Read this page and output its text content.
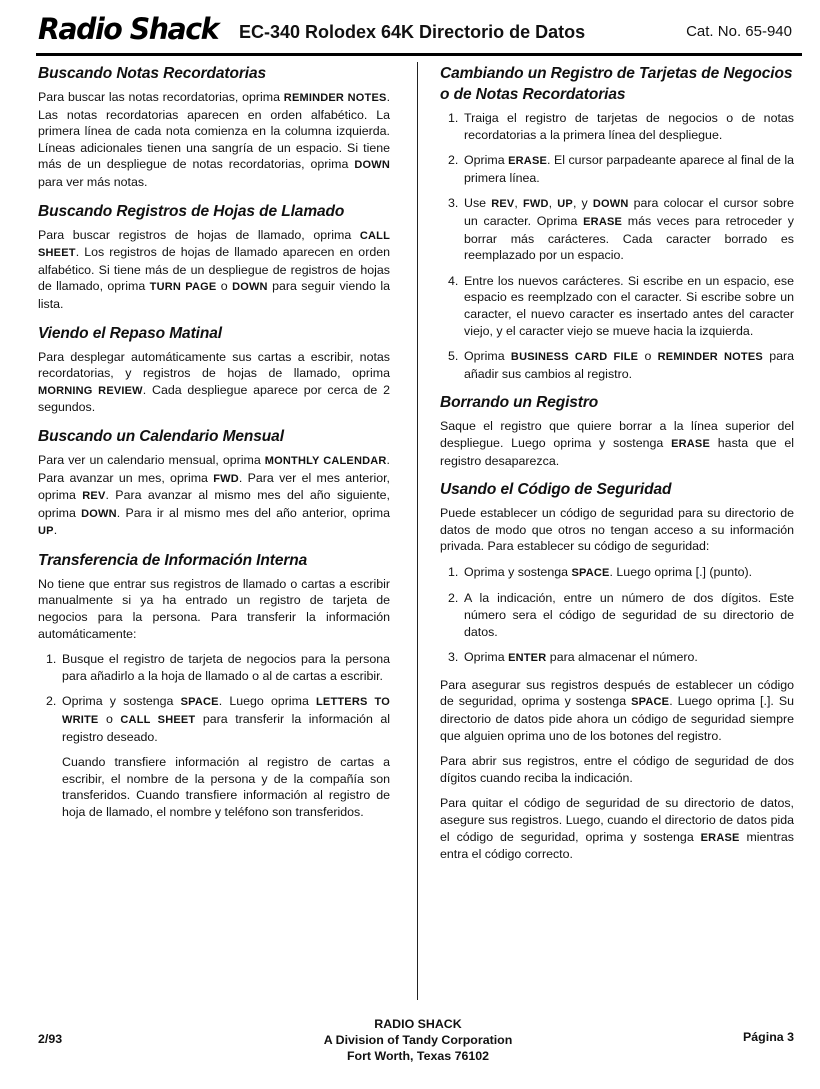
Radio Shack EC-340 Rolodex 64K Directorio de Datos	Cat. No. 65-940
Buscando Notas Recordatorias

Para buscar las notas recordatorias, oprima REMINDER NOTES. Las notas recordatorias aparecen en orden alfabético. La primera línea de cada nota comienza en la columna izquierda. Líneas adicionales tienen una sangría de un espacio. Si tiene más de un despliegue de notas recordatorias, oprima DOWN para ver más notas.

Buscando Registros de Hojas de Llamado

Para buscar registros de hojas de llamado, oprima CALL SHEET. Los registros de hojas de llamado aparecen en orden alfabético. Si tiene más de un despliegue de registros de hojas de llamado, oprima TURN PAGE o DOWN para seguir viendo la lista.

Viendo el Repaso Matinal

Para desplegar automáticamente sus cartas a escribir, notas recordatorias, y registros de hojas de llamado, oprima MORNING REVIEW. Cada despliegue aparece por cerca de 2 segundos.

Buscando un Calendario Mensual

Para ver un calendario mensual, oprima MONTHLY CALENDAR. Para avanzar un mes, oprima FWD. Para ver el mes anterior, oprima REV. Para avanzar al mismo mes del año siguiente, oprima DOWN. Para ir al mismo mes del año anterior, oprima UP.

Transferencia de Información Interna

No tiene que entrar sus registros de llamado o cartas a escribir manualmente si ya ha entrado un registro de tarjeta de negocios para la persona. Para transferir la información automáticamente:

1. Busque el registro de tarjeta de negocios para la persona para añadirlo a la hoja de llamado o al de cartas a escribir.
2. Oprima y sostenga SPACE. Luego oprima LETTERS TO WRITE o CALL SHEET para transferir la información al registro deseado.
Cuando transfiere información al registro de cartas a escribir, el nombre de la persona y de la compañía son transferidos. Cuando transfiere información al registro de hoja de llamado, el nombre y teléfono son transferidos.
Cambiando un Registro de Tarjetas de Negocios o de Notas Recordatorias
1. Traiga el registro de tarjetas de negocios o de notas recordatorias a la primera línea del despliegue.
2. Oprima ERASE. El cursor parpadeante aparece al final de la primera línea.
3. Use REV, FWD, UP, y DOWN para colocar el cursor sobre un caracter. Oprima ERASE más veces para retroceder y borrar más carácteres. Cada caracter borrado es reemplazado por un espacio.
4. Entre los nuevos carácteres. Si escribe en un espacio, ese espacio es reemplzado con el caracter. Si escribe sobre un caracter, el nuevo caracter es insertado antes del caracter viejo, y el caracter viejo se mueve hacia la izquierda.
5. Oprima BUSINESS CARD FILE o REMINDER NOTES para añadir sus cambios al registro.
Borrando un Registro

Saque el registro que quiere borrar a la línea superior del despliegue. Luego oprima y sostenga ERASE hasta que el registro desaparezca.

Usando el Código de Seguridad

Puede establecer un código de seguridad para su directorio de datos de modo que otros no tengan acceso a su información privada. Para establecer su código de seguridad:

1. Oprima y sostenga SPACE. Luego oprima [.] (punto).
2. A la indicación, entre un número de dos dígitos. Este número sera el código de seguridad de su directorio de datos.
3. Oprima ENTER para almacenar el número.

Para asegurar sus registros después de establecer un código de seguridad, oprima y sostenga SPACE. Luego oprima [.]. Su directorio de datos pide ahora un código de seguridad siempre que alguien oprima uno de los botones del registro.

Para abrir sus registros, entre el código de seguridad de dos dígitos cuando reciba la indicación.

Para quitar el código de seguridad de su directorio de datos, asegure sus registros. Luego, cuando el directorio de datos pida el código de seguridad, oprima y sostenga ERASE mientras entra el código correcto.

2/93
RADIO SHACK
A Division of Tandy Corporation
Fort Worth, Texas 76102
Página 3
